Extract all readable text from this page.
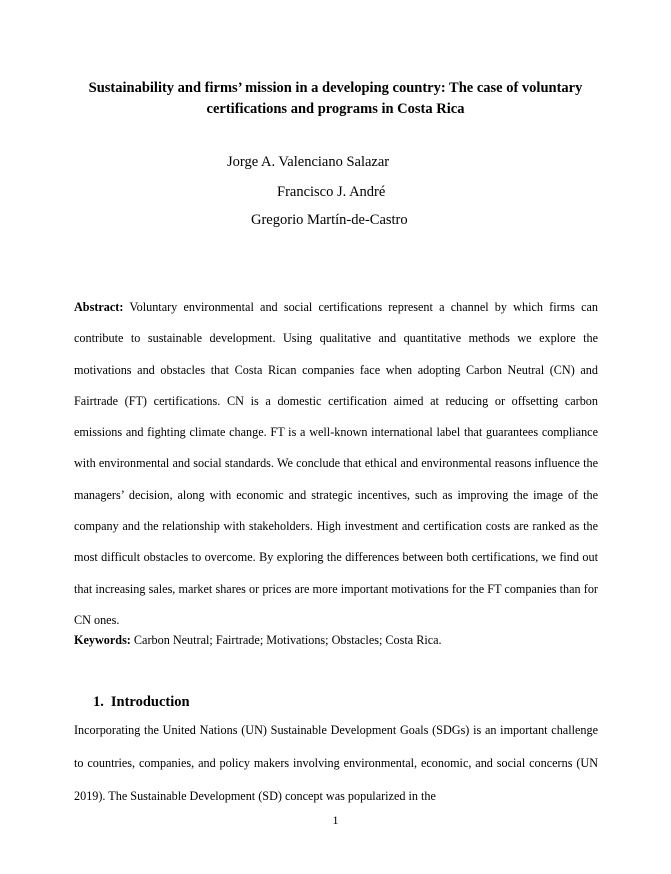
Sustainability and firms’ mission in a developing country: The case of voluntary certifications and programs in Costa Rica

Jorge A. Valenciano Salazar

Francisco J. André

Gregorio Martín-de-Castro

Abstract: Voluntary environmental and social certifications represent a channel by which firms can contribute to sustainable development. Using qualitative and quantitative methods we explore the motivations and obstacles that Costa Rican companies face when adopting Carbon Neutral (CN) and Fairtrade (FT) certifications. CN is a domestic certification aimed at reducing or offsetting carbon emissions and fighting climate change. FT is a well-known international label that guarantees compliance with environmental and social standards. We conclude that ethical and environmental reasons influence the managers’ decision, along with economic and strategic incentives, such as improving the image of the company and the relationship with stakeholders. High investment and certification costs are ranked as the most difficult obstacles to overcome. By exploring the differences between both certifications, we find out that increasing sales, market shares or prices are more important motivations for the FT companies than for CN ones.

Keywords: Carbon Neutral; Fairtrade; Motivations; Obstacles; Costa Rica.

1. Introduction

Incorporating the United Nations (UN) Sustainable Development Goals (SDGs) is an important challenge to countries, companies, and policy makers involving environmental, economic, and social concerns (UN 2019). The Sustainable Development (SD) concept was popularized in the

1
